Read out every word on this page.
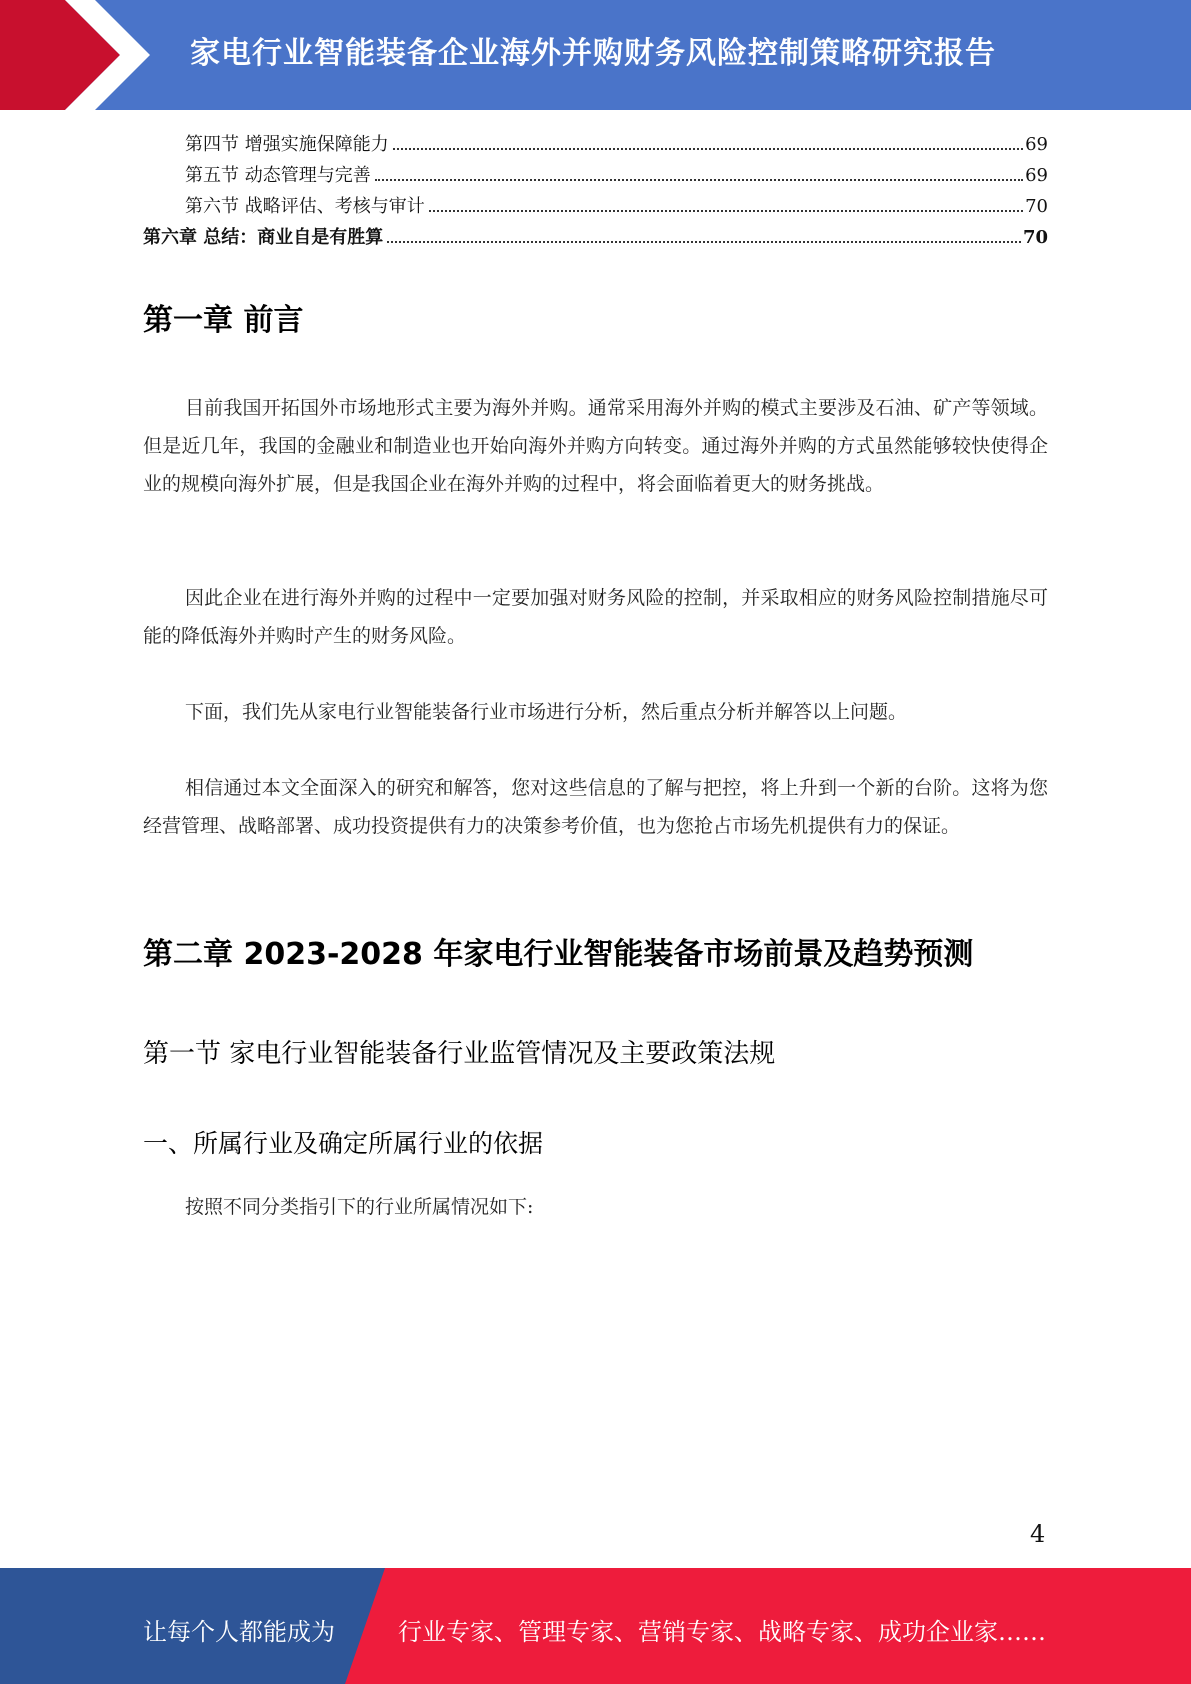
家电行业智能装备企业海外并购财务风险控制策略研究报告
第四节 增强实施保障能力	69
第五节 动态管理与完善	69
第六节 战略评估、考核与审计	70
第六章 总结：商业自是有胜算	70
第一章 前言
目前我国开拓国外市场地形式主要为海外并购。通常采用海外并购的模式主要涉及石油、矿产等领域。但是近几年，我国的金融业和制造业也开始向海外并购方向转变。通过海外并购的方式虽然能够较快使得企业的规模向海外扩展，但是我国企业在海外并购的过程中，将会面临着更大的财务挑战。
因此企业在进行海外并购的过程中一定要加强对财务风险的控制，并采取相应的财务风险控制措施尽可能的降低海外并购时产生的财务风险。
下面，我们先从家电行业智能装备行业市场进行分析，然后重点分析并解答以上问题。
相信通过本文全面深入的研究和解答，您对这些信息的了解与把控，将上升到一个新的台阶。这将为您经营管理、战略部署、成功投资提供有力的决策参考价值，也为您抢占市场先机提供有力的保证。
第二章 2023-2028 年家电行业智能装备市场前景及趋势预测
第一节 家电行业智能装备行业监管情况及主要政策法规
一、所属行业及确定所属行业的依据
按照不同分类指引下的行业所属情况如下:
4
让每个人都能成为	行业专家、管理专家、营销专家、战略专家、成功企业家……
